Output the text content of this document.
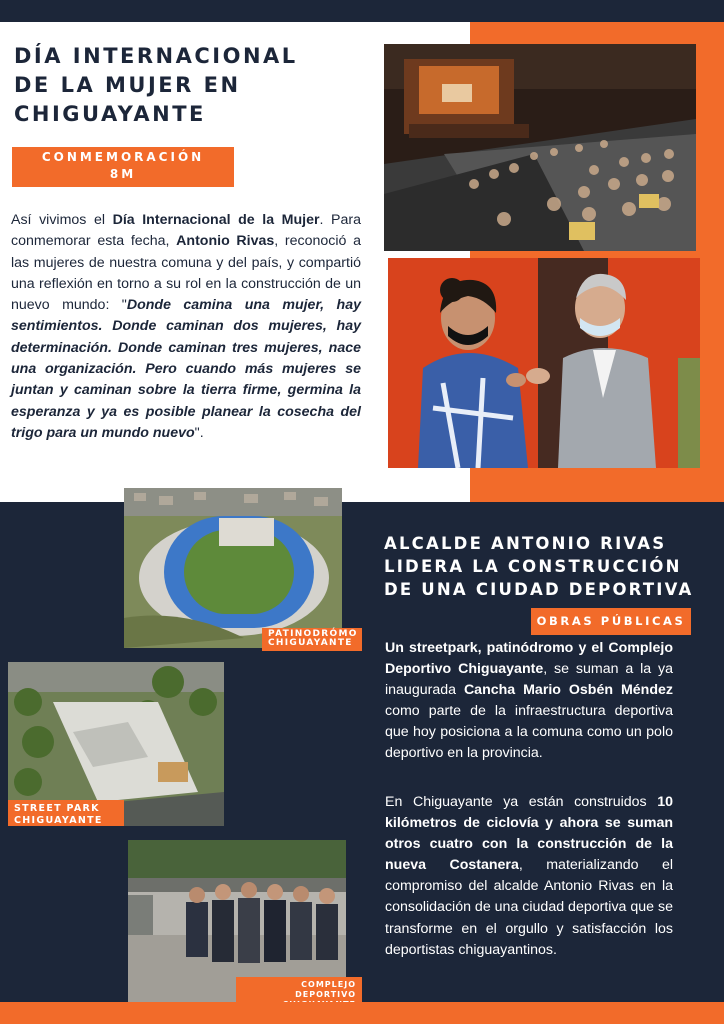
DÍA INTERNACIONAL
DE LA MUJER EN
CHIGUAYANTE
CONMEMORACIÓN
8M

Así vivimos el Día Internacional de la Mujer. Para conmemorar esta fecha, Antonio Rivas, reconoció a las mujeres de nuestra comuna y del país, y compartió una reflexión en torno a su rol en la construcción de un nuevo mundo: "Donde camina una mujer, hay sentimientos. Donde caminan dos mujeres, hay determinación. Donde caminan tres mujeres, nace una organización. Pero cuando más mujeres se juntan y caminan sobre la tierra firme, germina la esperanza y ya es posible planear la cosecha del trigo para un mundo nuevo".

ALCALDE ANTONIO RIVAS
LIDERA LA CONSTRUCCIÓN
DE UNA CIUDAD DEPORTIVA
OBRAS PÚBLICAS

Un streetpark, patinódromo y el Complejo Deportivo Chiguayante, se suman a la ya inaugurada Cancha Mario Osbén Méndez como parte de la infraestructura deportiva que hoy posiciona a la comuna como un polo deportivo en la provincia.

En Chiguayante ya están construidos 10 kilómetros de ciclovía y ahora se suman otros cuatro con la construcción de la nueva Costanera, materializando el compromiso del alcalde Antonio Rivas en la consolidación de una ciudad deportiva que se transforme en el orgullo y satisfacción los deportistas chiguayantinos.

PATINODRÓMO
CHIGUAYANTE
STREET PARK
CHIGUAYANTE
COMPLEJO DEPORTIVO
